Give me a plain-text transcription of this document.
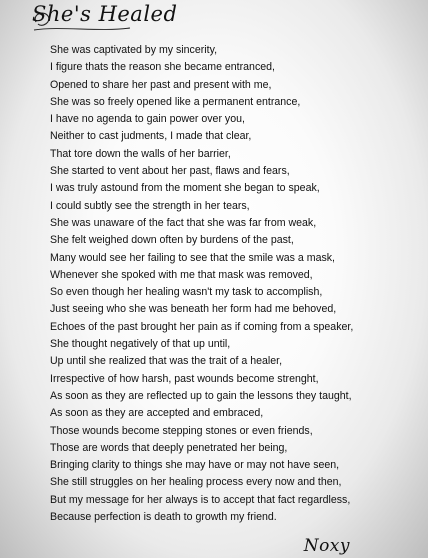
She's Healed
She was captivated by my sincerity,
I figure thats the reason she became entranced,
Opened to share her past and present with me,
She was so freely opened like a permanent entrance,
I have no agenda to gain power over you,
Neither to cast judments, I made that clear,
That tore down the walls of her barrier,
She started to vent about her past, flaws and fears,
I was truly astound from the moment she began to speak,
I could subtly see the strength in her tears,
She was unaware of the fact that she was far from weak,
She felt weighed down often by burdens of the past,
Many would see her failing to see that the smile was a mask,
Whenever she spoked with me that mask was removed,
So even though her healing wasn't my task to accomplish,
Just seeing who she was beneath her form had me behoved,
Echoes of the past brought her pain as if coming from a speaker,
She thought negatively of that up until,
Up until she realized that was the trait of a healer,
Irrespective of how harsh, past wounds become strenght,
As soon as they are reflected up to gain the lessons they taught,
As soon as they are accepted and embraced,
Those wounds become stepping stones or even friends,
Those are words that deeply penetrated her being,
Bringing clarity to things she may have or may not have seen,
She still struggles on her healing process every now and then,
But my message for her always is to accept that fact regardless,
Because perfection is death to growth my friend.
Noxy
